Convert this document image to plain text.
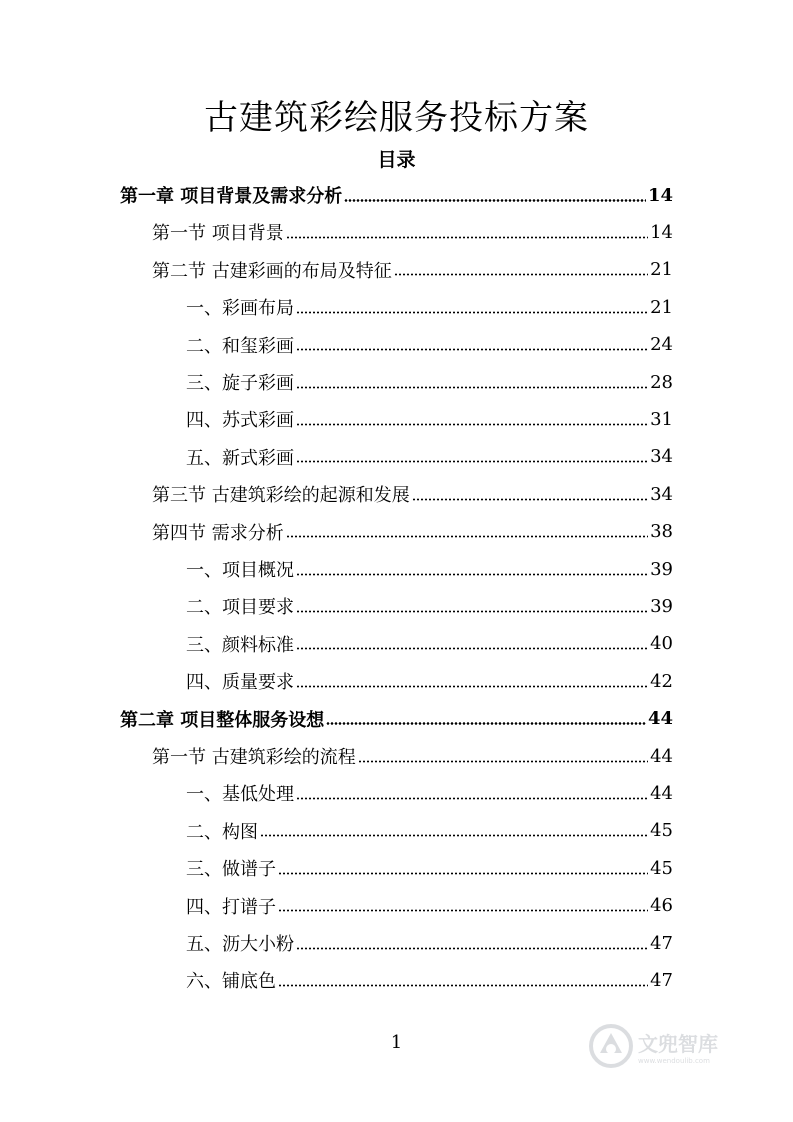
古建筑彩绘服务投标方案
目录
第一章 项目背景及需求分析	14
第一节 项目背景	14
第二节 古建彩画的布局及特征	21
一、彩画布局	21
二、和玺彩画	24
三、旋子彩画	28
四、苏式彩画	31
五、新式彩画	34
第三节 古建筑彩绘的起源和发展	34
第四节 需求分析	38
一、项目概况	39
二、项目要求	39
三、颜料标准	40
四、质量要求	42
第二章 项目整体服务设想	44
第一节 古建筑彩绘的流程	44
一、基低处理	44
二、构图	45
三、做谱子	45
四、打谱子	46
五、沥大小粉	47
六、铺底色	47
1	文兜智库
www.wendoulib.com
